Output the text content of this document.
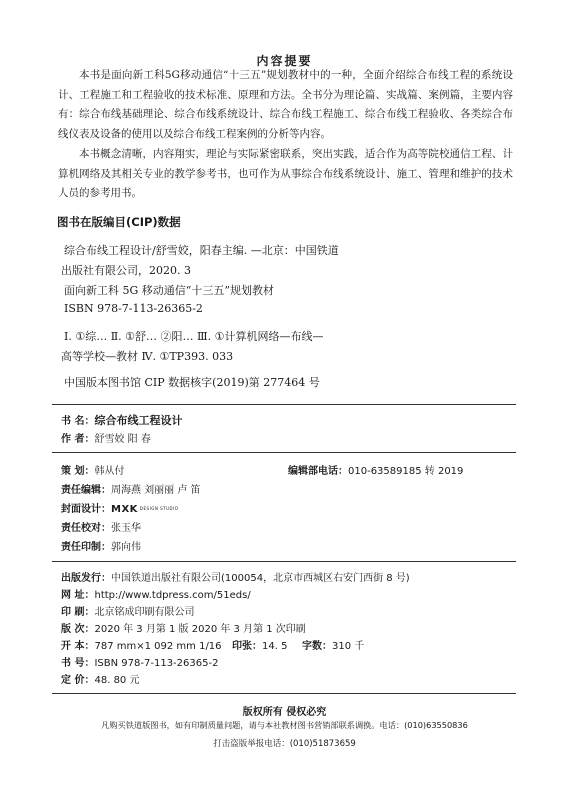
内容提要

本书是面向新工科5G移动通信“十三五”规划教材中的一种，全面介绍综合布线工程的系统设计、工程施工和工程验收的技术标准、原理和方法。全书分为理论篇、实战篇、案例篇，主要内容有：综合布线基础理论、综合布线系统设计、综合布线工程施工、综合布线工程验收、各类综合布线仪表及设备的使用以及综合布线工程案例的分析等内容。

本书概念清晰，内容翔实，理论与实际紧密联系，突出实践，适合作为高等院校通信工程、计算机网络及其相关专业的教学参考书，也可作为从事综合布线系统设计、施工、管理和维护的技术人员的参考用书。

图书在版编目(CIP)数据
综合布线工程设计/舒雪姣，阳春主编. —北京：中国铁道
出版社有限公司，2020. 3
面向新工科 5G 移动通信“十三五”规划教材
ISBN 978-7-113-26365-2
Ⅰ. ①综… Ⅱ. ①舒… ②阳… Ⅲ. ①计算机网络—布线—
高等学校—教材 Ⅳ. ①TP393. 033
中国版本图书馆 CIP 数据核字(2019)第 277464 号
书 名：综合布线工程设计
作 者：舒雪姣 阳 春
策 划：韩从付	编辑部电话：010-63589185 转 2019
责任编辑：周海燕 刘丽丽 卢 笛
封面设计：MXK DESIGN STUDIO
责任校对：张玉华
责任印制：郭向伟
出版发行：中国铁道出版社有限公司(100054，北京市西城区右安门西街 8 号)
网 址：http://www.tdpress.com/51eds/
印 刷：北京铭成印刷有限公司
版 次：2020 年 3 月第 1 版 2020 年 3 月第 1 次印刷
开 本：787 mm×1 092 mm 1/16 印张：14. 5 字数：310 千
书 号：ISBN 978-7-113-26365-2
定 价：48. 80 元
版权所有 侵权必究
凡购买铁道版图书，如有印制质量问题，请与本社教材图书营销部联系调换。电话：(010)63550836
打击盗版举报电话：(010)51873659
